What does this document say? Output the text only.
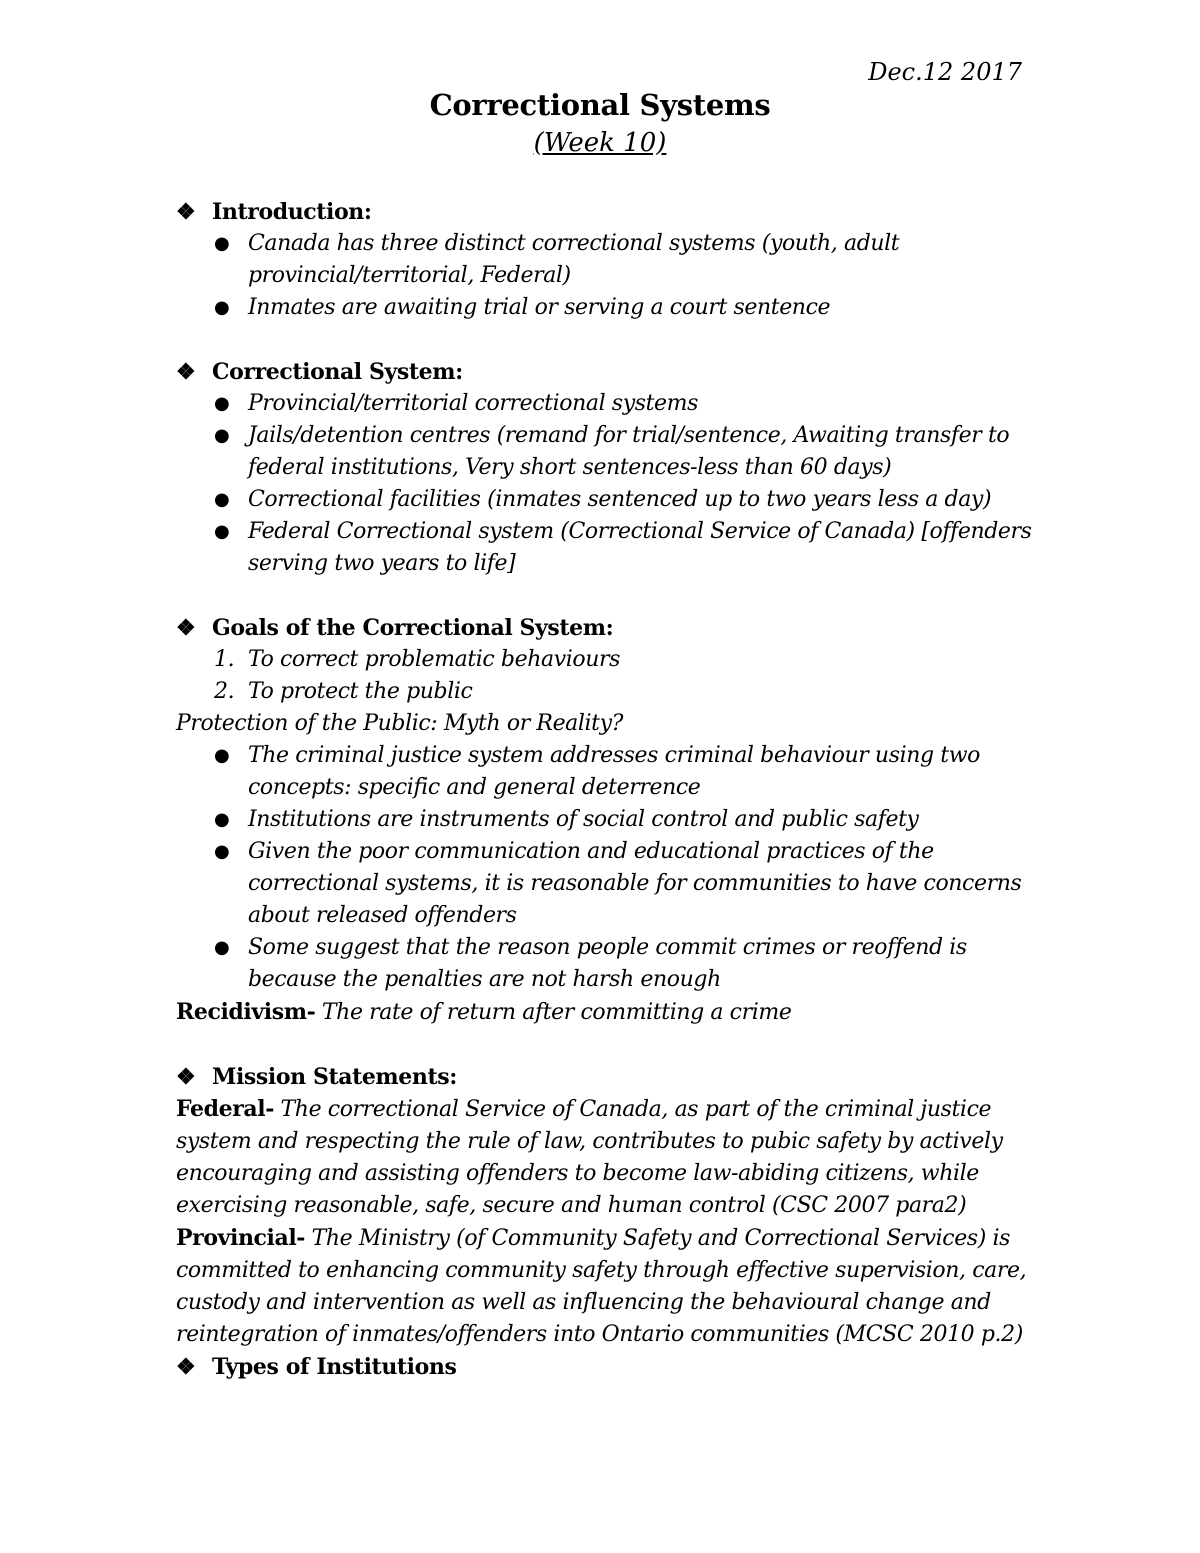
Dec.12 2017
Correctional Systems
(Week 10)
❖ Introduction:
● Canada has three distinct correctional systems (youth, adult provincial/territorial, Federal)
● Inmates are awaiting trial or serving a court sentence
❖ Correctional System:
● Provincial/territorial correctional systems
● Jails/detention centres (remand for trial/sentence, Awaiting transfer to federal institutions, Very short sentences-less than 60 days)
● Correctional facilities (inmates sentenced up to two years less a day)
● Federal Correctional system (Correctional Service of Canada) [offenders serving two years to life]
❖ Goals of the Correctional System:
1. To correct problematic behaviours
2. To protect the public
Protection of the Public: Myth or Reality?
● The criminal justice system addresses criminal behaviour using two concepts: specific and general deterrence
● Institutions are instruments of social control and public safety
● Given the poor communication and educational practices of the correctional systems, it is reasonable for communities to have concerns about released offenders
● Some suggest that the reason people commit crimes or reoffend is because the penalties are not harsh enough
Recidivism- The rate of return after committing a crime
❖ Mission Statements:
Federal- The correctional Service of Canada, as part of the criminal justice system and respecting the rule of law, contributes to pubic safety by actively encouraging and assisting offenders to become law-abiding citizens, while exercising reasonable, safe, secure and human control (CSC 2007 para2)
Provincial- The Ministry (of Community Safety and Correctional Services) is committed to enhancing community safety through effective supervision, care, custody and intervention as well as influencing the behavioural change and reintegration of inmates/offenders into Ontario communities (MCSC 2010 p.2)
❖ Types of Institutions
